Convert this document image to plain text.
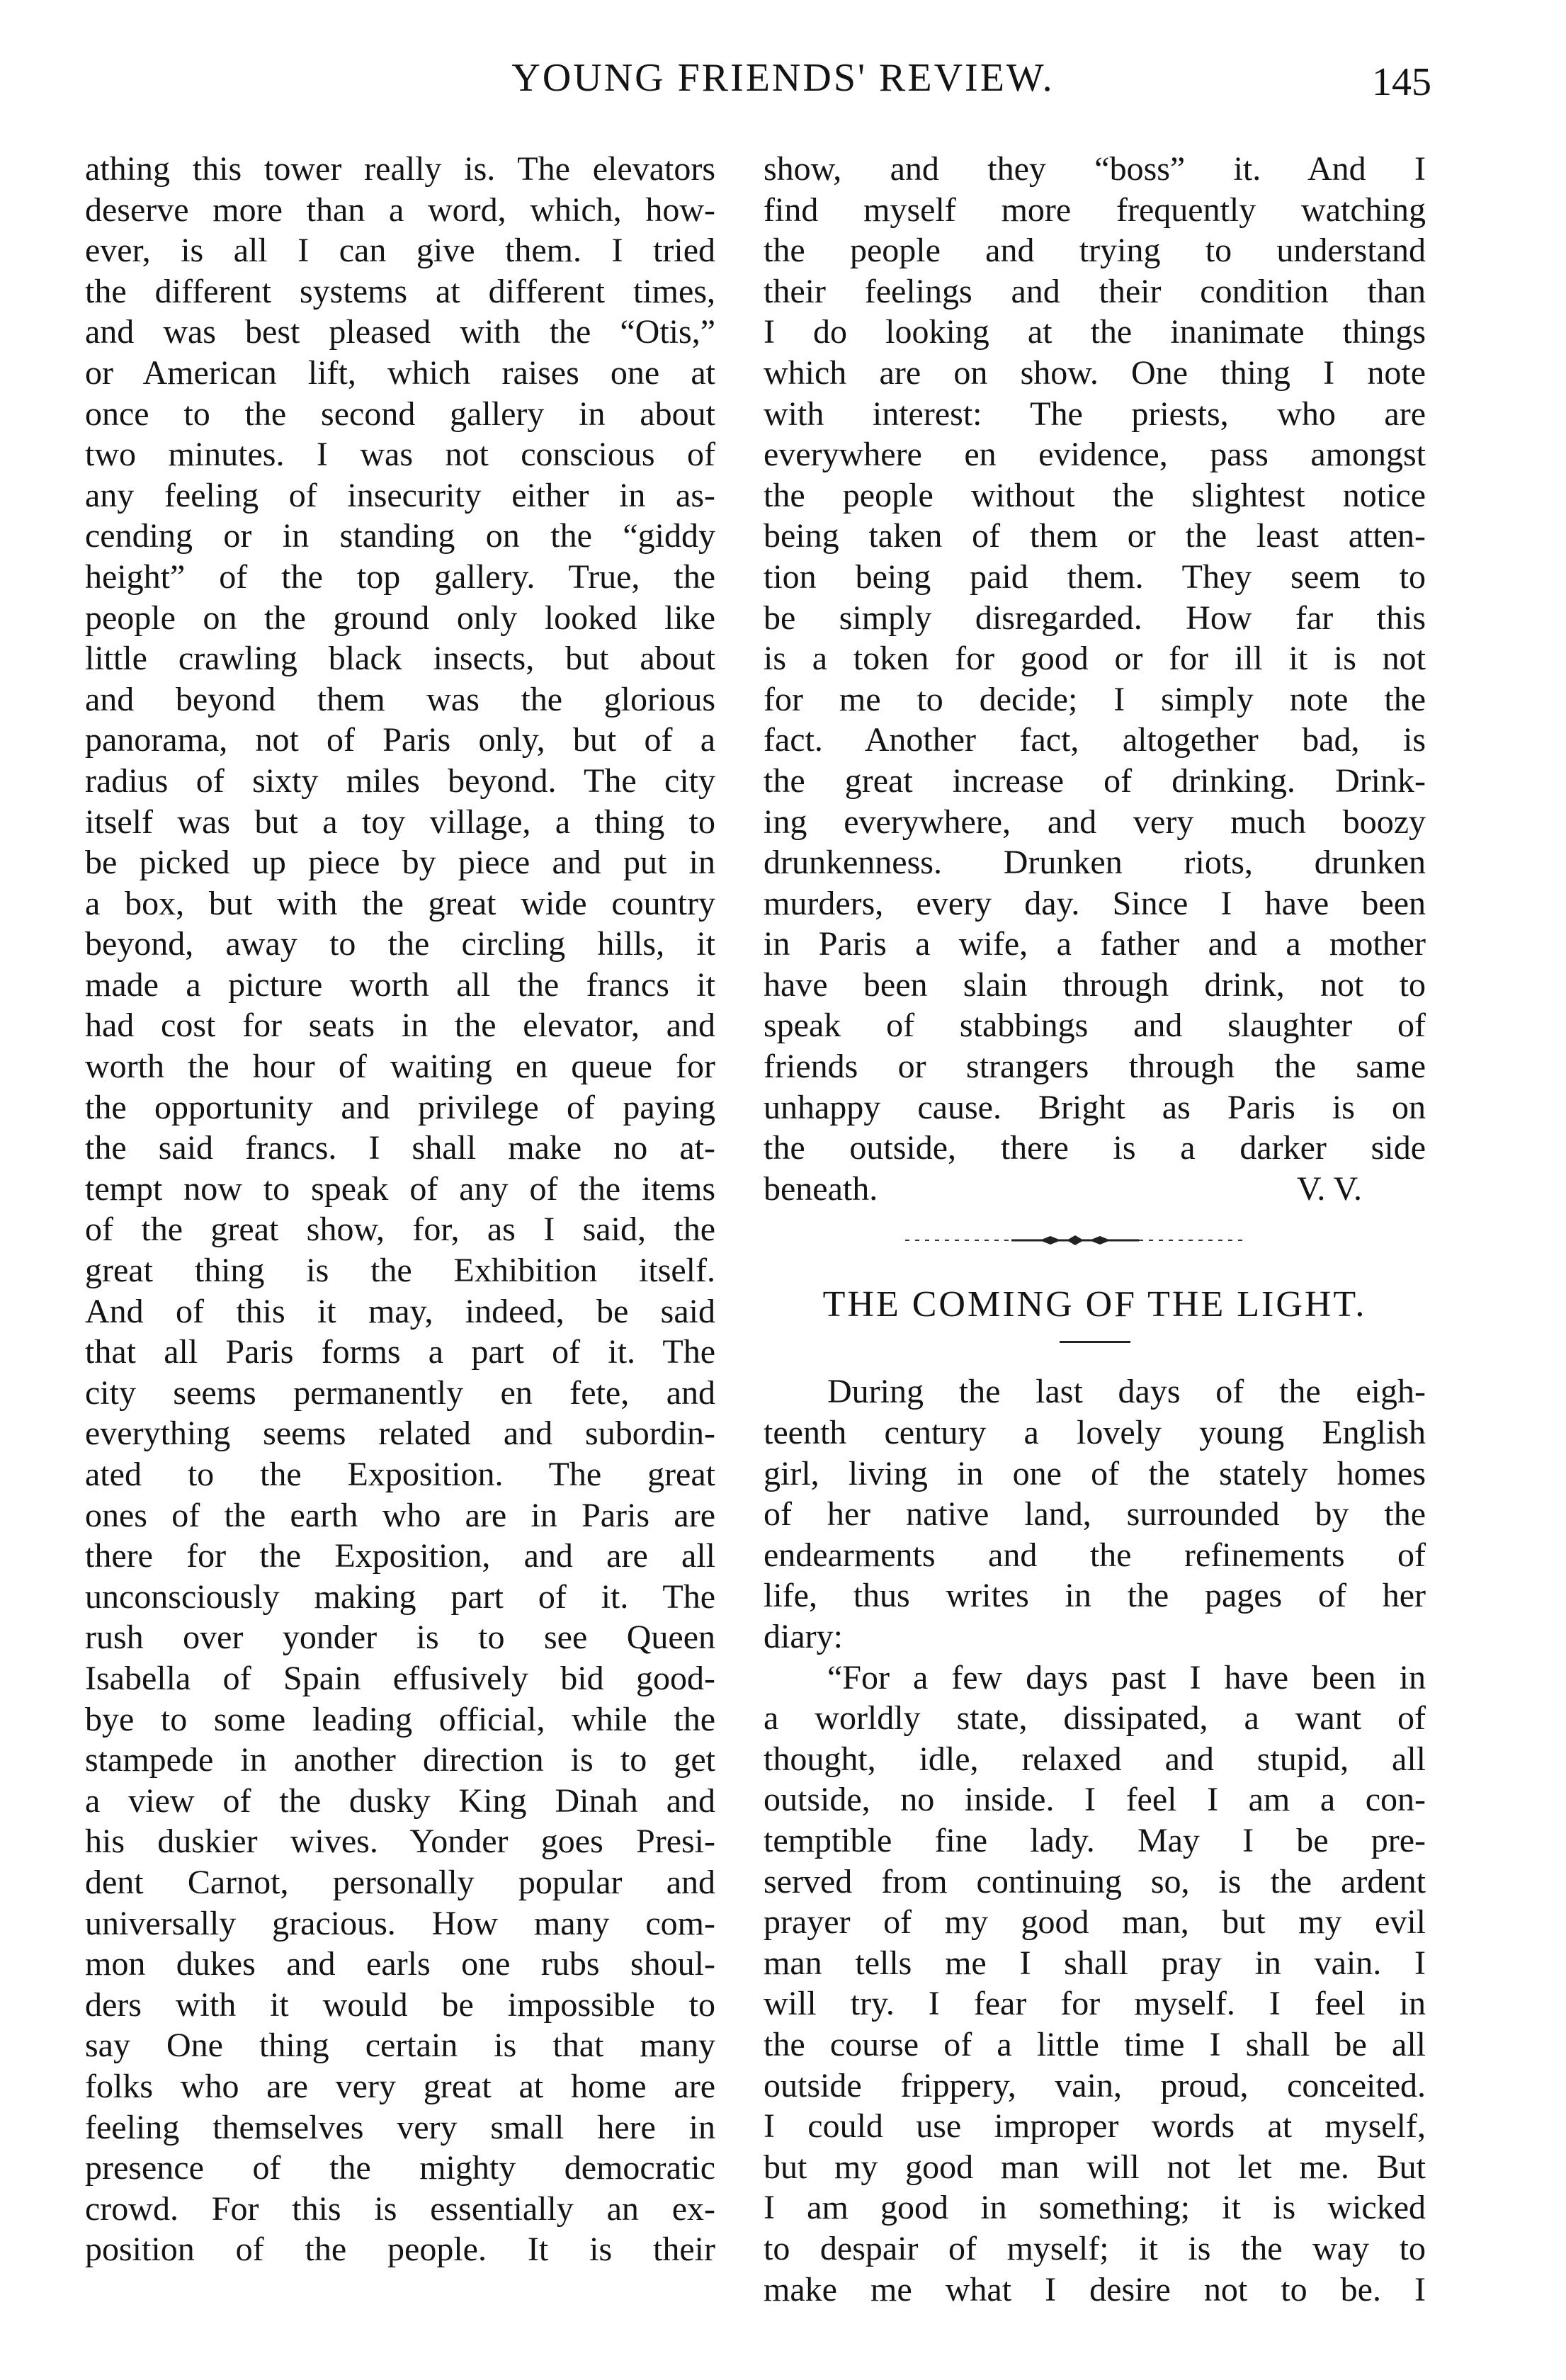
YOUNG FRIENDS' REVIEW.	145
athing this tower really is. The elevators
deserve more than a word, which, how-
ever, is all I can give them. I tried
the different systems at different times,
and was best pleased with the “Otis,”
or American lift, which raises one at
once to the second gallery in about
two minutes. I was not conscious of
any feeling of insecurity either in as-
cending or in standing on the “giddy
height” of the top gallery. True, the
people on the ground only looked like
little crawling black insects, but about
and beyond them was the glorious
panorama, not of Paris only, but of a
radius of sixty miles beyond. The city
itself was but a toy village, a thing to
be picked up piece by piece and put in
a box, but with the great wide country
beyond, away to the circling hills, it
made a picture worth all the francs it
had cost for seats in the elevator, and
worth the hour of waiting en queue for
the opportunity and privilege of paying
the said francs. I shall make no at-
tempt now to speak of any of the items
of the great show, for, as I said, the
great thing is the Exhibition itself.
And of this it may, indeed, be said
that all Paris forms a part of it. The
city seems permanently en fete, and
everything seems related and subordin-
ated to the Exposition. The great
ones of the earth who are in Paris are
there for the Exposition, and are all
unconsciously making part of it. The
rush over yonder is to see Queen
Isabella of Spain effusively bid good-
bye to some leading official, while the
stampede in another direction is to get
a view of the dusky King Dinah and
his duskier wives. Yonder goes Presi-
dent Carnot, personally popular and
universally gracious. How many com-
mon dukes and earls one rubs shoul-
ders with it would be impossible to
say One thing certain is that many
folks who are very great at home are
feeling themselves very small here in
presence of the mighty democratic
crowd. For this is essentially an ex-
position of the people. It is their
show, and they “boss” it. And I
find myself more frequently watching
the people and trying to understand
their feelings and their condition than
I do looking at the inanimate things
which are on show. One thing I note
with interest: The priests, who are
everywhere en evidence, pass amongst
the people without the slightest notice
being taken of them or the least atten-
tion being paid them. They seem to
be simply disregarded. How far this
is a token for good or for ill it is not
for me to decide; I simply note the
fact. Another fact, altogether bad, is
the great increase of drinking. Drink-
ing everywhere, and very much boozy
drunkenness. Drunken riots, drunken
murders, every day. Since I have been
in Paris a wife, a father and a mother
have been slain through drink, not to
speak of stabbings and slaughter of
friends or strangers through the same
unhappy cause. Bright as Paris is on
the outside, there is a darker side
beneath.	V. V.
THE COMING OF THE LIGHT.
During the last days of the eigh-
teenth century a lovely young English
girl, living in one of the stately homes
of her native land, surrounded by the
endearments and the refinements of
life, thus writes in the pages of her
diary:
“For a few days past I have been in
a worldly state, dissipated, a want of
thought, idle, relaxed and stupid, all
outside, no inside. I feel I am a con-
temptible fine lady. May I be pre-
served from continuing so, is the ardent
prayer of my good man, but my evil
man tells me I shall pray in vain. I
will try. I fear for myself. I feel in
the course of a little time I shall be all
outside frippery, vain, proud, conceited.
I could use improper words at myself,
but my good man will not let me. But
I am good in something; it is wicked
to despair of myself; it is the way to
make me what I desire not to be. I
